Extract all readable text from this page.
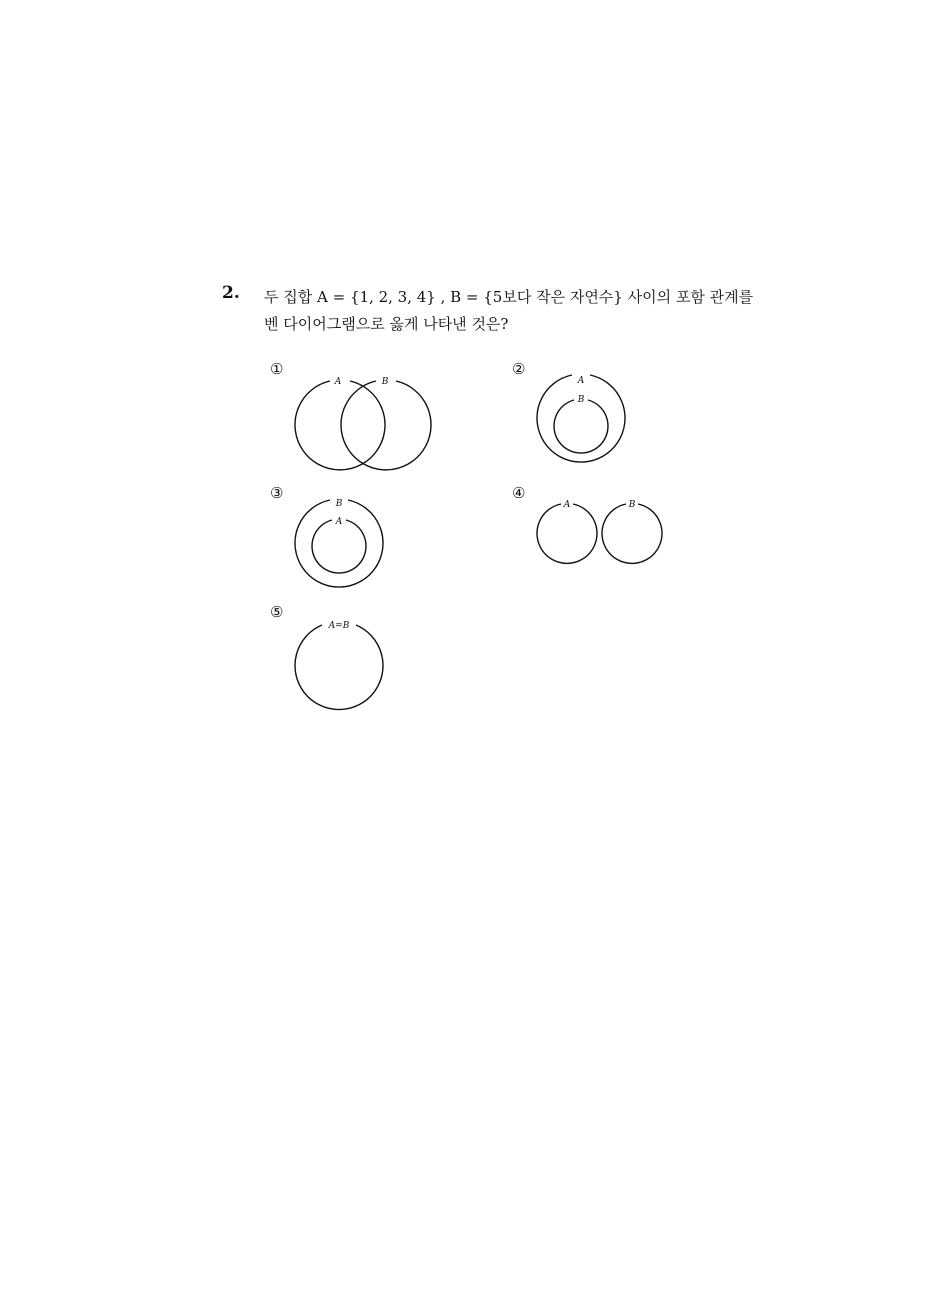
2. 두 집합 A = {1, 2, 3, 4} , B = {5보다 작은 자연수} 사이의 포함 관계를
벤 다이어그램으로 옳게 나타낸 것은?
①	②
③	④
⑤
A	B	A
B
B
A
A	B
A=B
